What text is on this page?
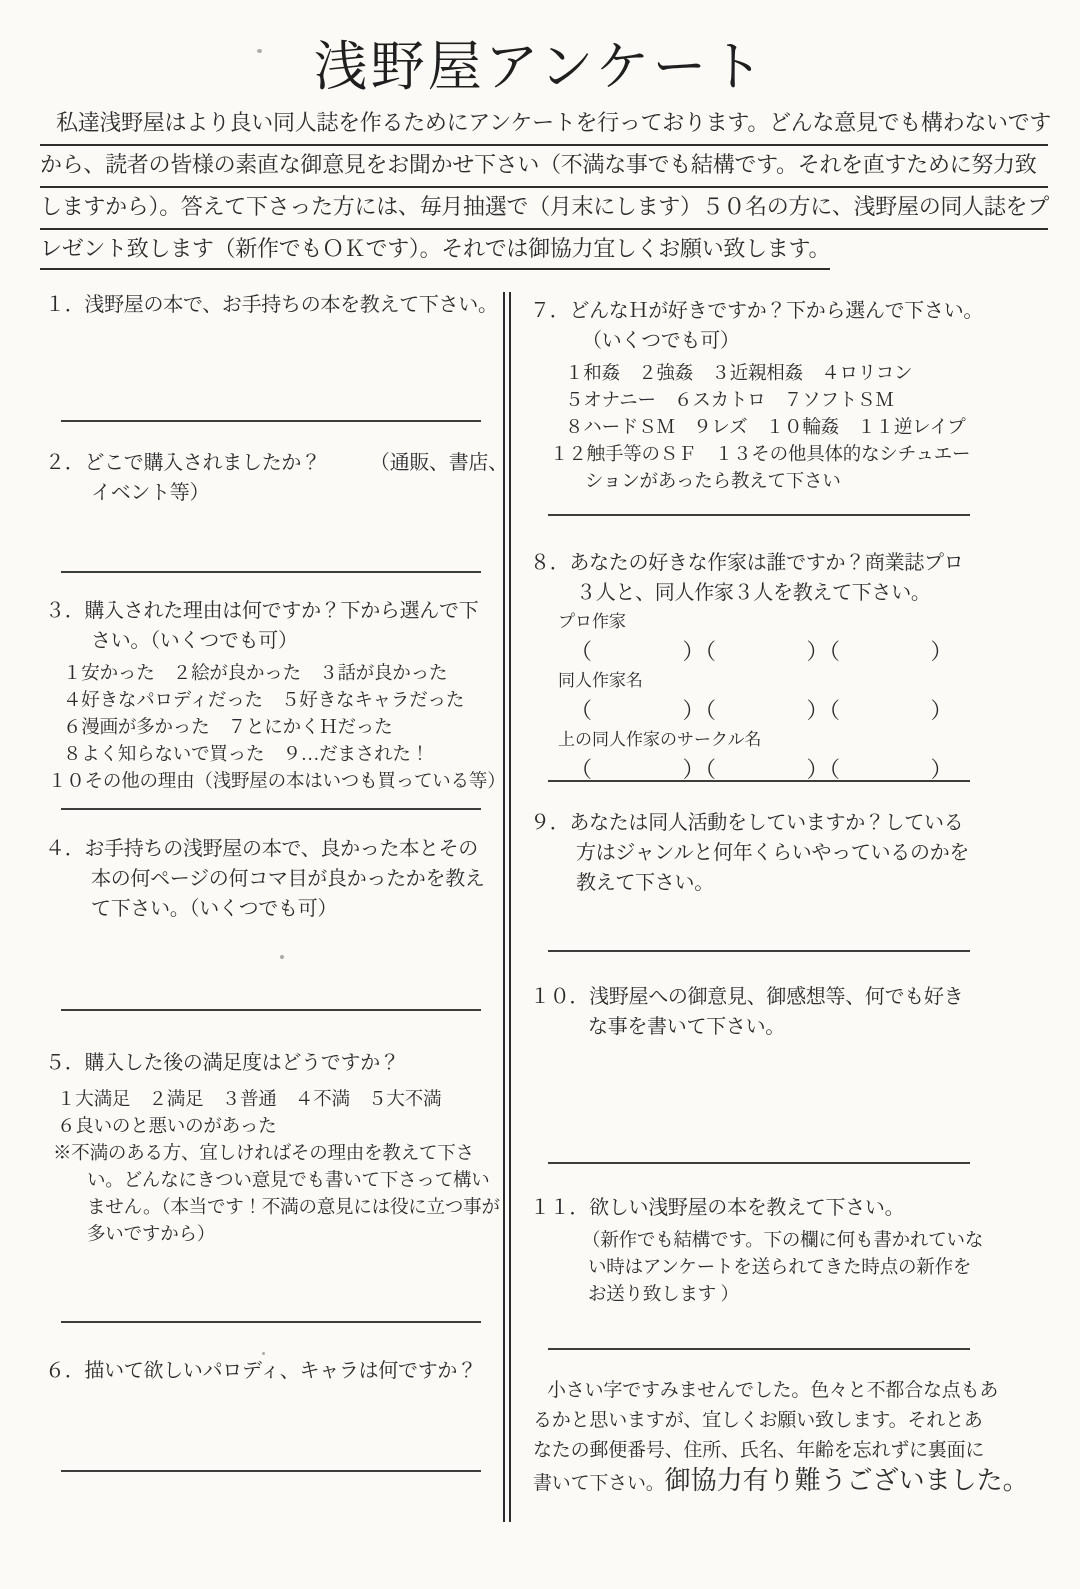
浅野屋アンケート
私達浅野屋はより良い同人誌を作るためにアンケートを行っております。どんな意見でも構わないです
から、読者の皆様の素直な御意見をお聞かせ下さい（不満な事でも結構です。それを直すために努力致
しますから）。答えて下さった方には、毎月抽選で（月末にします）５０名の方に、浅野屋の同人誌をプ
レゼント致します（新作でもＯＫです）。それでは御協力宜しくお願い致します。
１．浅野屋の本で、お手持ちの本を教えて下さい。
２．どこで購入されましたか？　　　（通販、書店、
イベント等）
３．購入された理由は何ですか？下から選んで下
さい。（いくつでも可）
１安かった　２絵が良かった　３話が良かった
４好きなパロディだった　５好きなキャラだった
６漫画が多かった　７とにかくＨだった
８よく知らないで買った　９…だまされた！
１０その他の理由（浅野屋の本はいつも買っている等）
４．お手持ちの浅野屋の本で、良かった本とその
本の何ページの何コマ目が良かったかを教え
て下さい。（いくつでも可）
５．購入した後の満足度はどうですか？
１大満足　２満足　３普通　４不満　５大不満
６良いのと悪いのがあった
※不満のある方、宜しければその理由を教えて下さ
い。どんなにきつい意見でも書いて下さって構い
ません。（本当です！不満の意見には役に立つ事が
多いですから）
６．描いて欲しいパロディ、キャラは何ですか？
７．どんなＨが好きですか？下から選んで下さい。
（いくつでも可）
１和姦　２強姦　３近親相姦　４ロリコン
５オナニー　６スカトロ　７ソフトＳＭ
８ハードＳＭ　９レズ　１０輪姦　１１逆レイプ
１２触手等のＳＦ　１３その他具体的なシチュエー
ションがあったら教えて下さい
８．あなたの好きな作家は誰ですか？商業誌プロ
３人と、同人作家３人を教えて下さい。
プロ作家
（　　　　）（　　　　）（　　　　）
同人作家名
（　　　　）（　　　　）（　　　　）
上の同人作家のサークル名
（　　　　）（　　　　）（　　　　）
９．あなたは同人活動をしていますか？している
方はジャンルと何年くらいやっているのかを
教えて下さい。
１０．浅野屋への御意見、御感想等、何でも好き
な事を書いて下さい。
１１．欲しい浅野屋の本を教えて下さい。
（新作でも結構です。下の欄に何も書かれていな
い時はアンケートを送られてきた時点の新作を
お送り致します ）
小さい字ですみませんでした。色々と不都合な点もあ
るかと思いますが、宜しくお願い致します。それとあ
なたの郵便番号、住所、氏名、年齢を忘れずに裏面に
書いて下さい。御協力有り難うございました。
